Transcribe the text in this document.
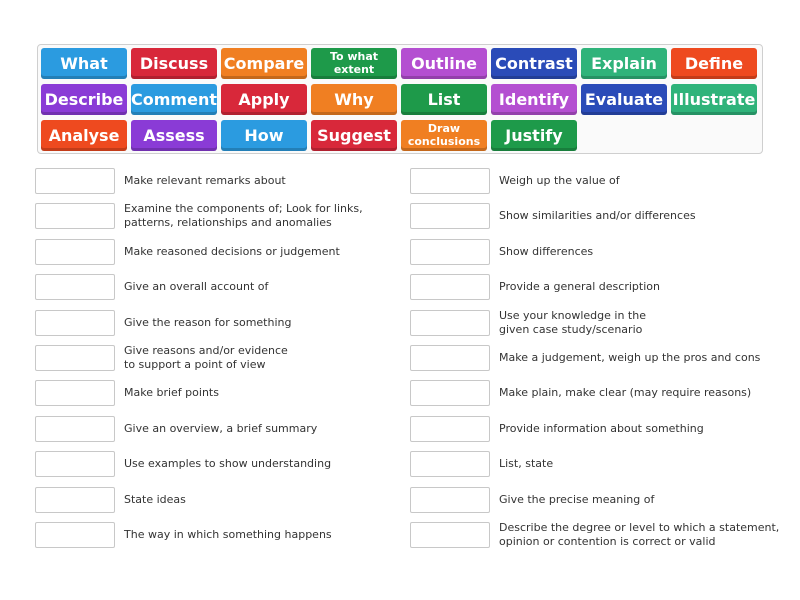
What	Discuss Compare	To what extent	Outline	Contrast	Explain	Define
Describe Comment	Apply	Why	List	Identify Evaluate Illustrate
Analyse	Assess	How	Suggest	Draw conclusions	Justify
Make relevant remarks about
Examine the components of; Look for links,
patterns, relationships and anomalies
Make reasoned decisions or judgement
Give an overall account of
Give the reason for something
Give reasons and/or evidence
to support a point of view
Make brief points
Give an overview, a brief summary
Use examples to show understanding
State ideas
The way in which something happens
Weigh up the value of
Show similarities and/or differences
Show differences
Provide a general description
Use your knowledge in the
given case study/scenario
Make a judgement, weigh up the pros and cons
Make plain, make clear (may require reasons)
Provide information about something
List, state
Give the precise meaning of
Describe the degree or level to which a statement,
opinion or contention is correct or valid
